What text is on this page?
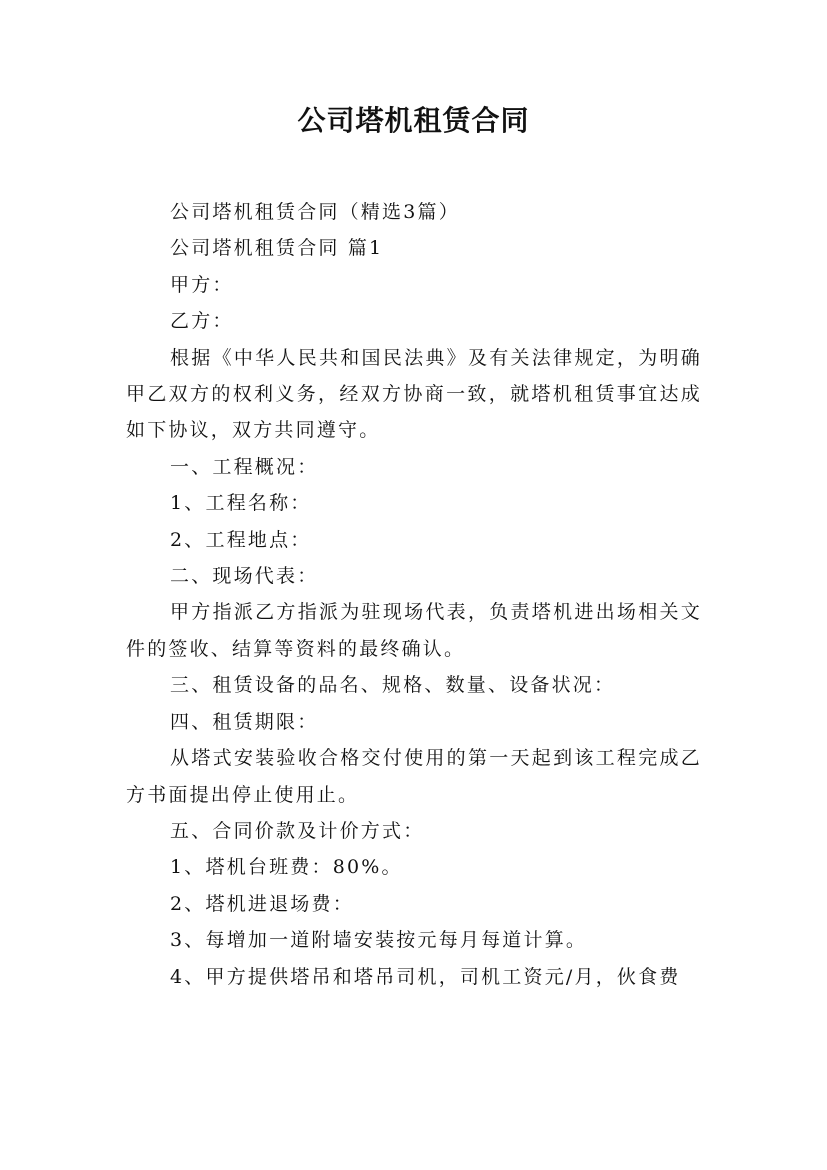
公司塔机租赁合同

公司塔机租赁合同（精选3篇）

公司塔机租赁合同 篇1

甲方：

乙方：

根据《中华人民共和国民法典》及有关法律规定，为明确甲乙双方的权利义务，经双方协商一致，就塔机租赁事宜达成如下协议，双方共同遵守。

一、工程概况：

1、工程名称：

2、工程地点：

二、现场代表：

甲方指派乙方指派为驻现场代表，负责塔机进出场相关文件的签收、结算等资料的最终确认。

三、租赁设备的品名、规格、数量、设备状况：

四、租赁期限：

从塔式安装验收合格交付使用的第一天起到该工程完成乙方书面提出停止使用止。

五、合同价款及计价方式：

1、塔机台班费：80%。

2、塔机进退场费：

3、每增加一道附墙安装按元每月每道计算。

4、甲方提供塔吊和塔吊司机，司机工资元/月，伙食费
